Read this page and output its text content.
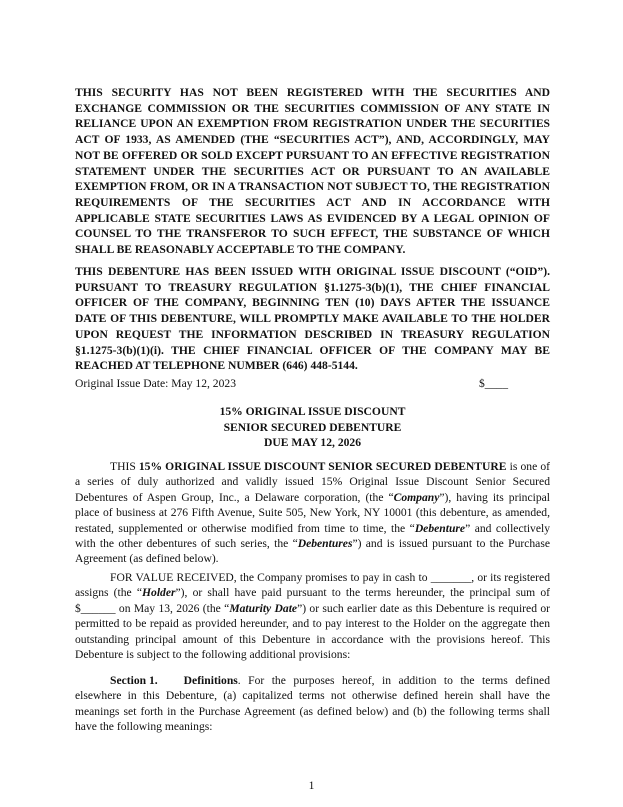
THIS SECURITY HAS NOT BEEN REGISTERED WITH THE SECURITIES AND EXCHANGE COMMISSION OR THE SECURITIES COMMISSION OF ANY STATE IN RELIANCE UPON AN EXEMPTION FROM REGISTRATION UNDER THE SECURITIES ACT OF 1933, AS AMENDED (THE “SECURITIES ACT”), AND, ACCORDINGLY, MAY NOT BE OFFERED OR SOLD EXCEPT PURSUANT TO AN EFFECTIVE REGISTRATION STATEMENT UNDER THE SECURITIES ACT OR PURSUANT TO AN AVAILABLE EXEMPTION FROM, OR IN A TRANSACTION NOT SUBJECT TO, THE REGISTRATION REQUIREMENTS OF THE SECURITIES ACT AND IN ACCORDANCE WITH APPLICABLE STATE SECURITIES LAWS AS EVIDENCED BY A LEGAL OPINION OF COUNSEL TO THE TRANSFEROR TO SUCH EFFECT, THE SUBSTANCE OF WHICH SHALL BE REASONABLY ACCEPTABLE TO THE COMPANY.

THIS DEBENTURE HAS BEEN ISSUED WITH ORIGINAL ISSUE DISCOUNT (“OID”). PURSUANT TO TREASURY REGULATION §1.1275-3(b)(1), THE CHIEF FINANCIAL OFFICER OF THE COMPANY, BEGINNING TEN (10) DAYS AFTER THE ISSUANCE DATE OF THIS DEBENTURE, WILL PROMPTLY MAKE AVAILABLE TO THE HOLDER UPON REQUEST THE INFORMATION DESCRIBED IN TREASURY REGULATION §1.1275-3(b)(1)(i). THE CHIEF FINANCIAL OFFICER OF THE COMPANY MAY BE REACHED AT TELEPHONE NUMBER (646) 448-5144.

Original Issue Date: May 12, 2023	$____
15% ORIGINAL ISSUE DISCOUNT
SENIOR SECURED DEBENTURE
DUE MAY 12, 2026

THIS 15% ORIGINAL ISSUE DISCOUNT SENIOR SECURED DEBENTURE is one of a series of duly authorized and validly issued 15% Original Issue Discount Senior Secured Debentures of Aspen Group, Inc., a Delaware corporation, (the “Company”), having its principal place of business at 276 Fifth Avenue, Suite 505, New York, NY 10001 (this debenture, as amended, restated, supplemented or otherwise modified from time to time, the “Debenture” and collectively with the other debentures of such series, the “Debentures”) and is issued pursuant to the Purchase Agreement (as defined below).

FOR VALUE RECEIVED, the Company promises to pay in cash to _______, or its registered assigns (the “Holder”), or shall have paid pursuant to the terms hereunder, the principal sum of $______ on May 13, 2026 (the “Maturity Date”) or such earlier date as this Debenture is required or permitted to be repaid as provided hereunder, and to pay interest to the Holder on the aggregate then outstanding principal amount of this Debenture in accordance with the provisions hereof. This Debenture is subject to the following additional provisions:

Section 1. Definitions. For the purposes hereof, in addition to the terms defined elsewhere in this Debenture, (a) capitalized terms not otherwise defined herein shall have the meanings set forth in the Purchase Agreement (as defined below) and (b) the following terms shall have the following meanings:

1
